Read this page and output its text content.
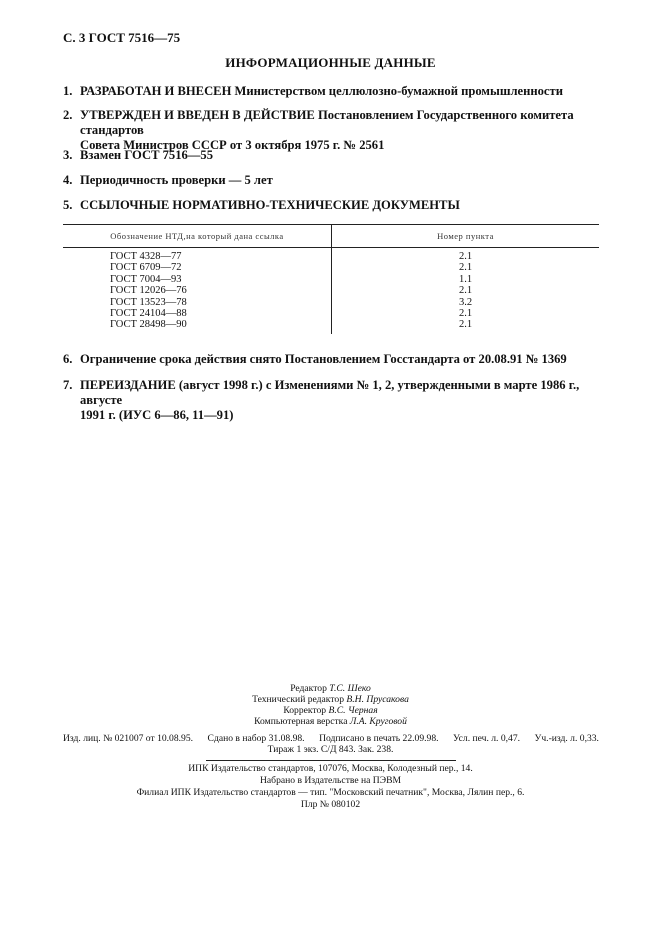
С. 3 ГОСТ 7516—75
ИНФОРМАЦИОННЫЕ ДАННЫЕ
1. РАЗРАБОТАН И ВНЕСЕН Министерством целлюлозно-бумажной промышленности
2. УТВЕРЖДЕН И ВВЕДЕН В ДЕЙСТВИЕ Постановлением Государственного комитета стандартов
Совета Министров СССР от 3 октября 1975 г. № 2561
3. Взамен ГОСТ 7516—55
4. Периодичность проверки — 5 лет
5. ССЫЛОЧНЫЕ НОРМАТИВНО-ТЕХНИЧЕСКИЕ ДОКУМЕНТЫ
Обозначение НТД,на который дана ссылка	Номер пункта
ГОСТ 4328—77	2.1
ГОСТ 6709—72	2.1
ГОСТ 7004—93	1.1
ГОСТ 12026—76	2.1
ГОСТ 13523—78	3.2
ГОСТ 24104—88	2.1
ГОСТ 28498—90	2.1
6. Ограничение срока действия снято Постановлением Госстандарта от 20.08.91 № 1369
7. ПЕРЕИЗДАНИЕ (август 1998 г.) с Изменениями № 1, 2, утвержденными в марте 1986 г., августе
1991 г. (ИУС 6—86, 11—91)
Редактор Т.С. Шеко
Технический редактор В.Н. Прусакова
Корректор В.С. Черная
Компьютерная верстка Л.А. Круговой
Изд. лиц. № 021007 от 10.08.95. Сдано в набор 31.08.98. Подписано в печать 22.09.98. Усл. печ. л. 0,47. Уч.-изд. л. 0,33.
Тираж 1 экз. С/Д 843. Зак. 238.
ИПК Издательство стандартов, 107076, Москва, Колодезный пер., 14.
Набрано в Издательстве на ПЭВМ
Филиал ИПК Издательство стандартов — тип. "Московский печатник", Москва, Лялин пер., 6.
Плр № 080102
